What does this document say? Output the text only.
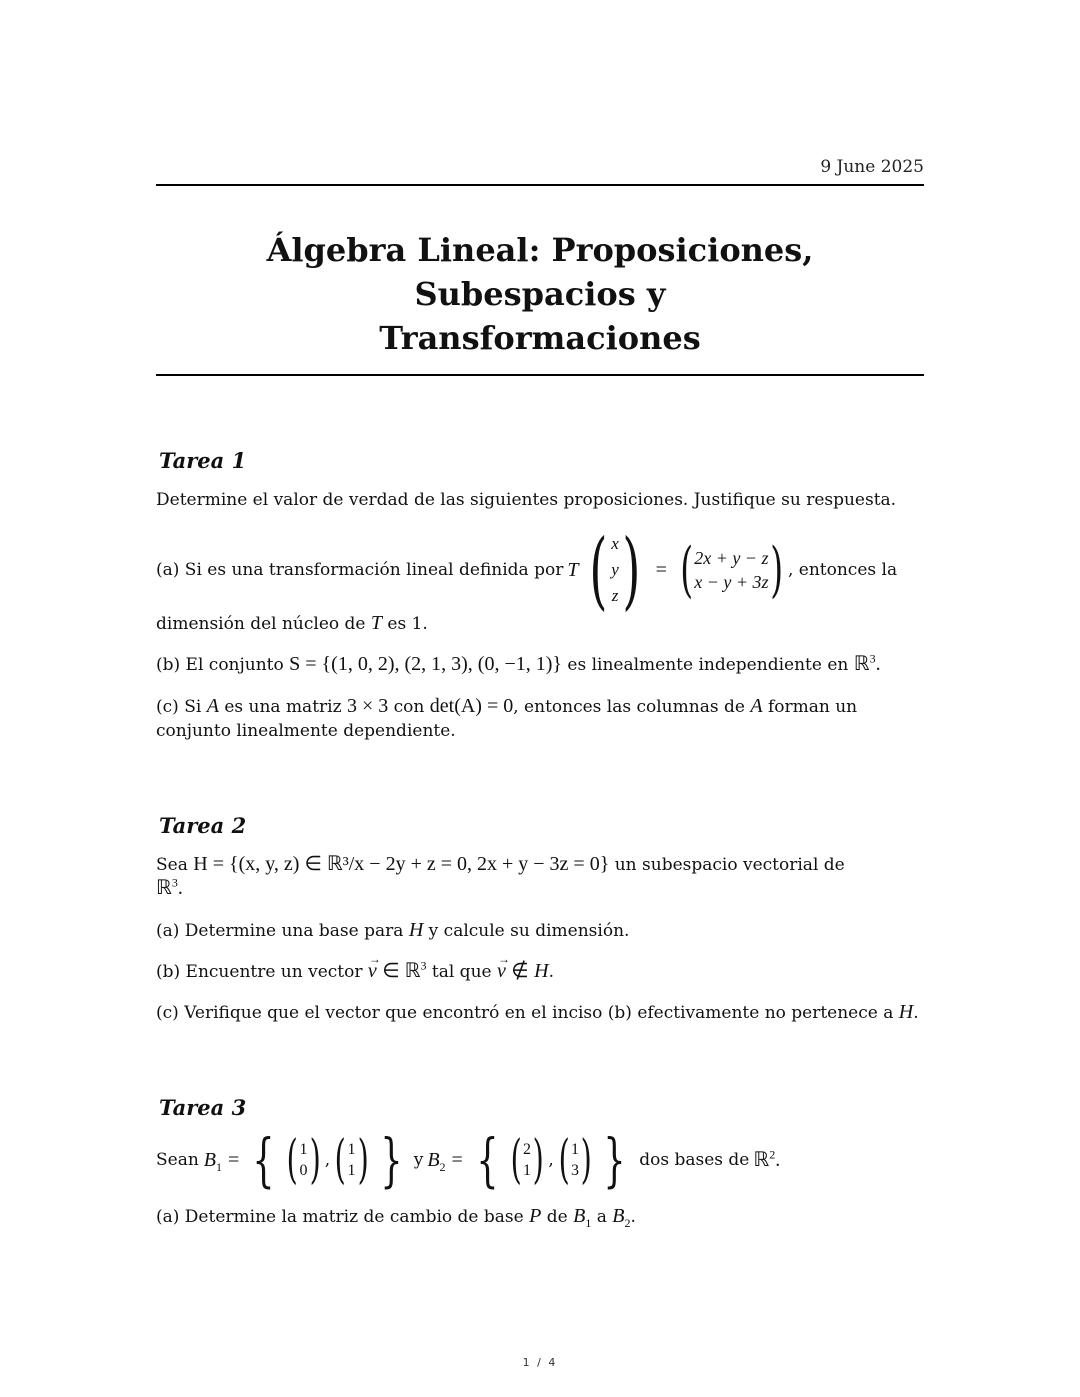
9 June 2025
Álgebra Lineal: Proposiciones, Subespacios y
Transformaciones
Tarea 1
Determine el valor de verdad de las siguientes proposiciones. Justifique su respuesta.
(a) Si es una transformación lineal definida por T ( x
y
z ) = ( 2x + y − z
x − y + 3z ) , entonces la
dimensión del núcleo de T es 1.
(b) El conjunto S = {(1, 0, 2), (2, 1, 3), (0, −1, 1)} es linealmente independiente en ℝ$^3$.
(c) Si A es una matriz 3 × 3 con det(A) = 0, entonces las columnas de A forman un
conjunto linealmente dependiente.
Tarea 2
Sea H = {(x, y, z) ∈ ℝ³/x − 2y + z = 0, 2x + y − 3z = 0} un subespacio vectorial de
ℝ$^3$.
(a) Determine una base para H y calcule su dimensión.
(b) Encuentre un vector v
→
∈ ℝ$^3$ tal que v
→
∉ H.
(c) Verifique que el vector que encontró en el inciso (b) efectivamente no pertenece a H.
Tarea 3
Sean $B_1$ = { ( 1
0 ) , ( 1
1 ) } y $B_2$ = { ( 2
1 ) , ( 1
3 ) } dos bases de ℝ$^2$.
(a) Determine la matriz de cambio de base P de $B_1$ a $B_2$.
1 / 4
